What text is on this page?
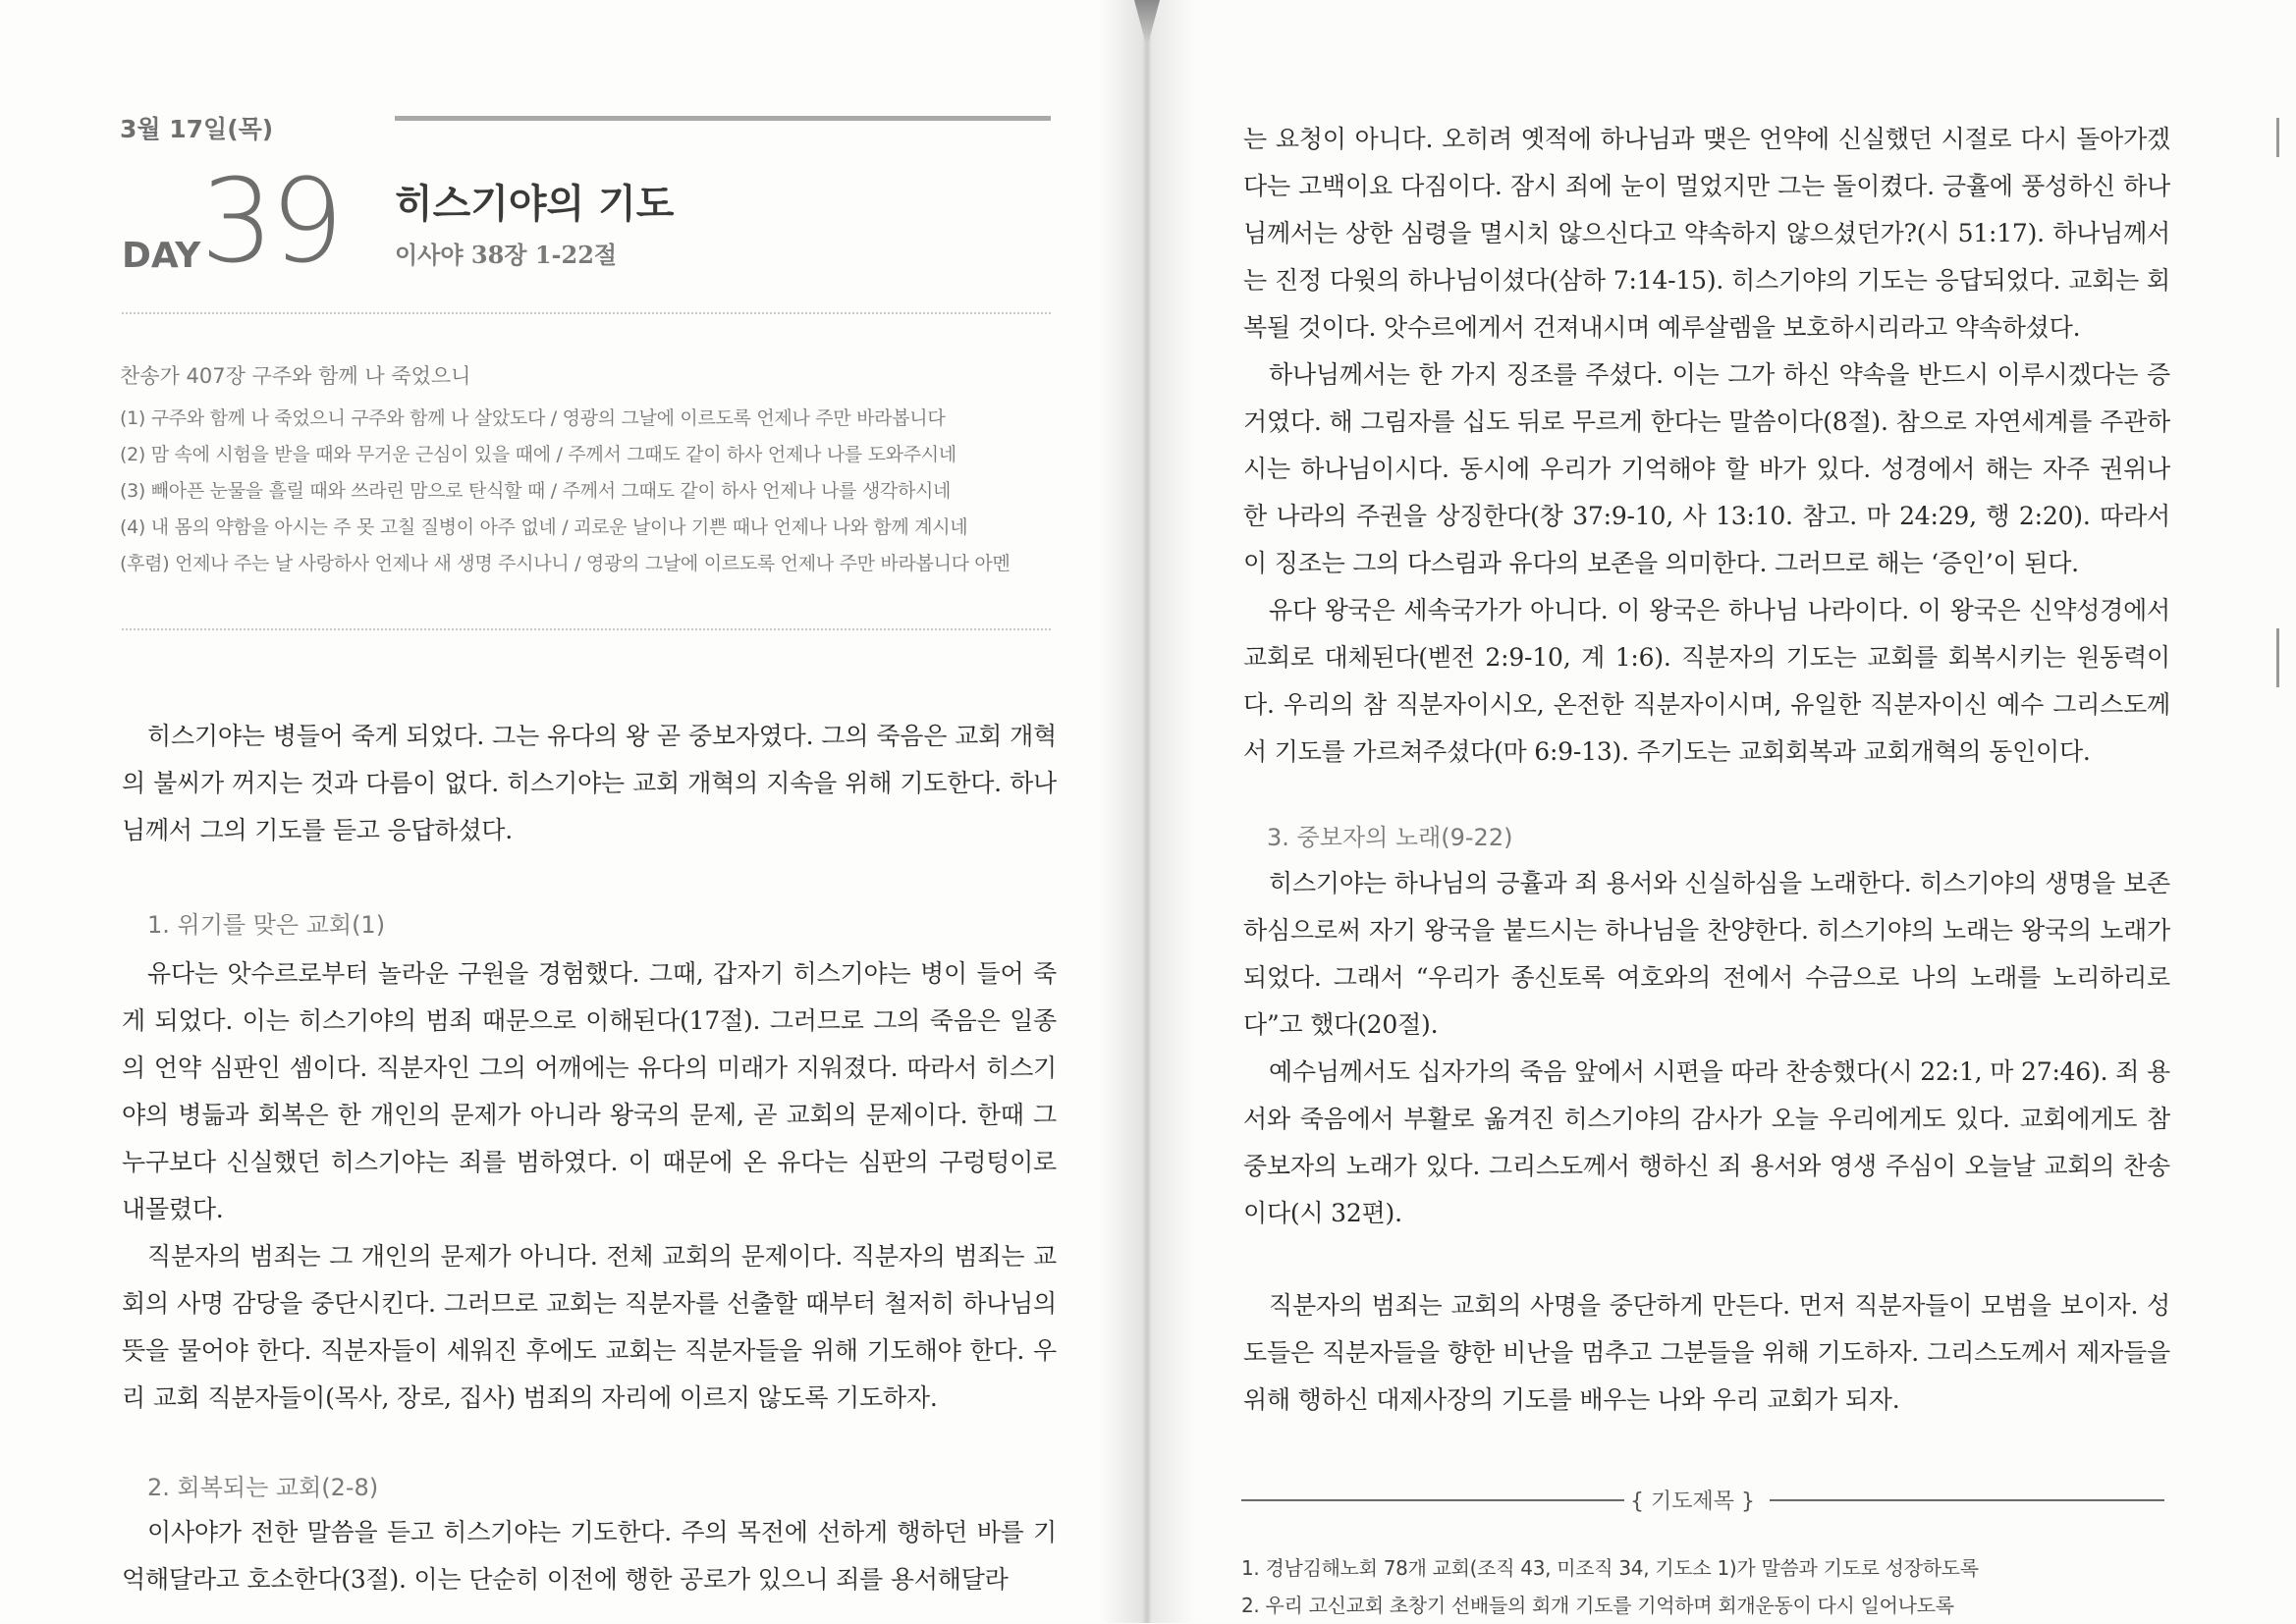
3월 17일(목)
DAY 39 히스기야의 기도
이사야 38장 1-22절
찬송가 407장 구주와 함께 나 죽었으니
(1) 구주와 함께 나 죽었으니 구주와 함께 나 살았도다 / 영광의 그날에 이르도록 언제나 주만 바라봅니다
(2) 맘 속에 시험을 받을 때와 무거운 근심이 있을 때에 / 주께서 그때도 같이 하사 언제나 나를 도와주시네
(3) 빼아픈 눈물을 흘릴 때와 쓰라린 맘으로 탄식할 때 / 주께서 그때도 같이 하사 언제나 나를 생각하시네
(4) 내 몸의 약함을 아시는 주 못 고칠 질병이 아주 없네 / 괴로운 날이나 기쁜 때나 언제나 나와 함께 계시네
(후렴) 언제나 주는 날 사랑하사 언제나 새 생명 주시나니 / 영광의 그날에 이르도록 언제나 주만 바라봅니다 아멘

히스기야는 병들어 죽게 되었다. 그는 유다의 왕 곧 중보자였다. 그의 죽음은 교회 개혁의 불씨가 꺼지는 것과 다름이 없다. 히스기야는 교회 개혁의 지속을 위해 기도한다. 하나님께서 그의 기도를 듣고 응답하셨다.

1. 위기를 맞은 교회(1)

유다는 앗수르로부터 놀라운 구원을 경험했다. 그때, 갑자기 히스기야는 병이 들어 죽게 되었다. 이는 히스기야의 범죄 때문으로 이해된다(17절). 그러므로 그의 죽음은 일종의 언약 심판인 셈이다. 직분자인 그의 어깨에는 유다의 미래가 지워졌다. 따라서 히스기야의 병듦과 회복은 한 개인의 문제가 아니라 왕국의 문제, 곧 교회의 문제이다. 한때 그 누구보다 신실했던 히스기야는 죄를 범하였다. 이 때문에 온 유다는 심판의 구렁텅이로 내몰렸다.

직분자의 범죄는 그 개인의 문제가 아니다. 전체 교회의 문제이다. 직분자의 범죄는 교회의 사명 감당을 중단시킨다. 그러므로 교회는 직분자를 선출할 때부터 철저히 하나님의 뜻을 물어야 한다. 직분자들이 세워진 후에도 교회는 직분자들을 위해 기도해야 한다. 우리 교회 직분자들이(목사, 장로, 집사) 범죄의 자리에 이르지 않도록 기도하자.

2. 회복되는 교회(2-8)

이사야가 전한 말씀을 듣고 히스기야는 기도한다. 주의 목전에 선하게 행하던 바를 기억해달라고 호소한다(3절). 이는 단순히 이전에 행한 공로가 있으니 죄를 용서해달라

는 요청이 아니다. 오히려 옛적에 하나님과 맺은 언약에 신실했던 시절로 다시 돌아가겠다는 고백이요 다짐이다. 잠시 죄에 눈이 멀었지만 그는 돌이켰다. 긍휼에 풍성하신 하나님께서는 상한 심령을 멸시치 않으신다고 약속하지 않으셨던가?(시 51:17). 하나님께서는 진정 다윗의 하나님이셨다(삼하 7:14-15). 히스기야의 기도는 응답되었다. 교회는 회복될 것이다. 앗수르에게서 건져내시며 예루살렘을 보호하시리라고 약속하셨다.

하나님께서는 한 가지 징조를 주셨다. 이는 그가 하신 약속을 반드시 이루시겠다는 증거였다. 해 그림자를 십도 뒤로 무르게 한다는 말씀이다(8절). 참으로 자연세계를 주관하시는 하나님이시다. 동시에 우리가 기억해야 할 바가 있다. 성경에서 해는 자주 권위나 한 나라의 주권을 상징한다(창 37:9-10, 사 13:10. 참고. 마 24:29, 행 2:20). 따라서 이 징조는 그의 다스림과 유다의 보존을 의미한다. 그러므로 해는 ‘증인’이 된다.

유다 왕국은 세속국가가 아니다. 이 왕국은 하나님 나라이다. 이 왕국은 신약성경에서 교회로 대체된다(벧전 2:9-10, 계 1:6). 직분자의 기도는 교회를 회복시키는 원동력이다. 우리의 참 직분자이시오, 온전한 직분자이시며, 유일한 직분자이신 예수 그리스도께서 기도를 가르쳐주셨다(마 6:9-13). 주기도는 교회회복과 교회개혁의 동인이다.

3. 중보자의 노래(9-22)

히스기야는 하나님의 긍휼과 죄 용서와 신실하심을 노래한다. 히스기야의 생명을 보존하심으로써 자기 왕국을 붙드시는 하나님을 찬양한다. 히스기야의 노래는 왕국의 노래가 되었다. 그래서 “우리가 종신토록 여호와의 전에서 수금으로 나의 노래를 노리하리로다”고 했다(20절).

예수님께서도 십자가의 죽음 앞에서 시편을 따라 찬송했다(시 22:1, 마 27:46). 죄 용서와 죽음에서 부활로 옮겨진 히스기야의 감사가 오늘 우리에게도 있다. 교회에게도 참 중보자의 노래가 있다. 그리스도께서 행하신 죄 용서와 영생 주심이 오늘날 교회의 찬송이다(시 32편).

직분자의 범죄는 교회의 사명을 중단하게 만든다. 먼저 직분자들이 모범을 보이자. 성도들은 직분자들을 향한 비난을 멈추고 그분들을 위해 기도하자. 그리스도께서 제자들을 위해 행하신 대제사장의 기도를 배우는 나와 우리 교회가 되자.

{ 기도제목 }
1. 경남김해노회 78개 교회(조직 43, 미조직 34, 기도소 1)가 말씀과 기도로 성장하도록
2. 우리 고신교회 초창기 선배들의 회개 기도를 기억하며 회개운동이 다시 일어나도록
